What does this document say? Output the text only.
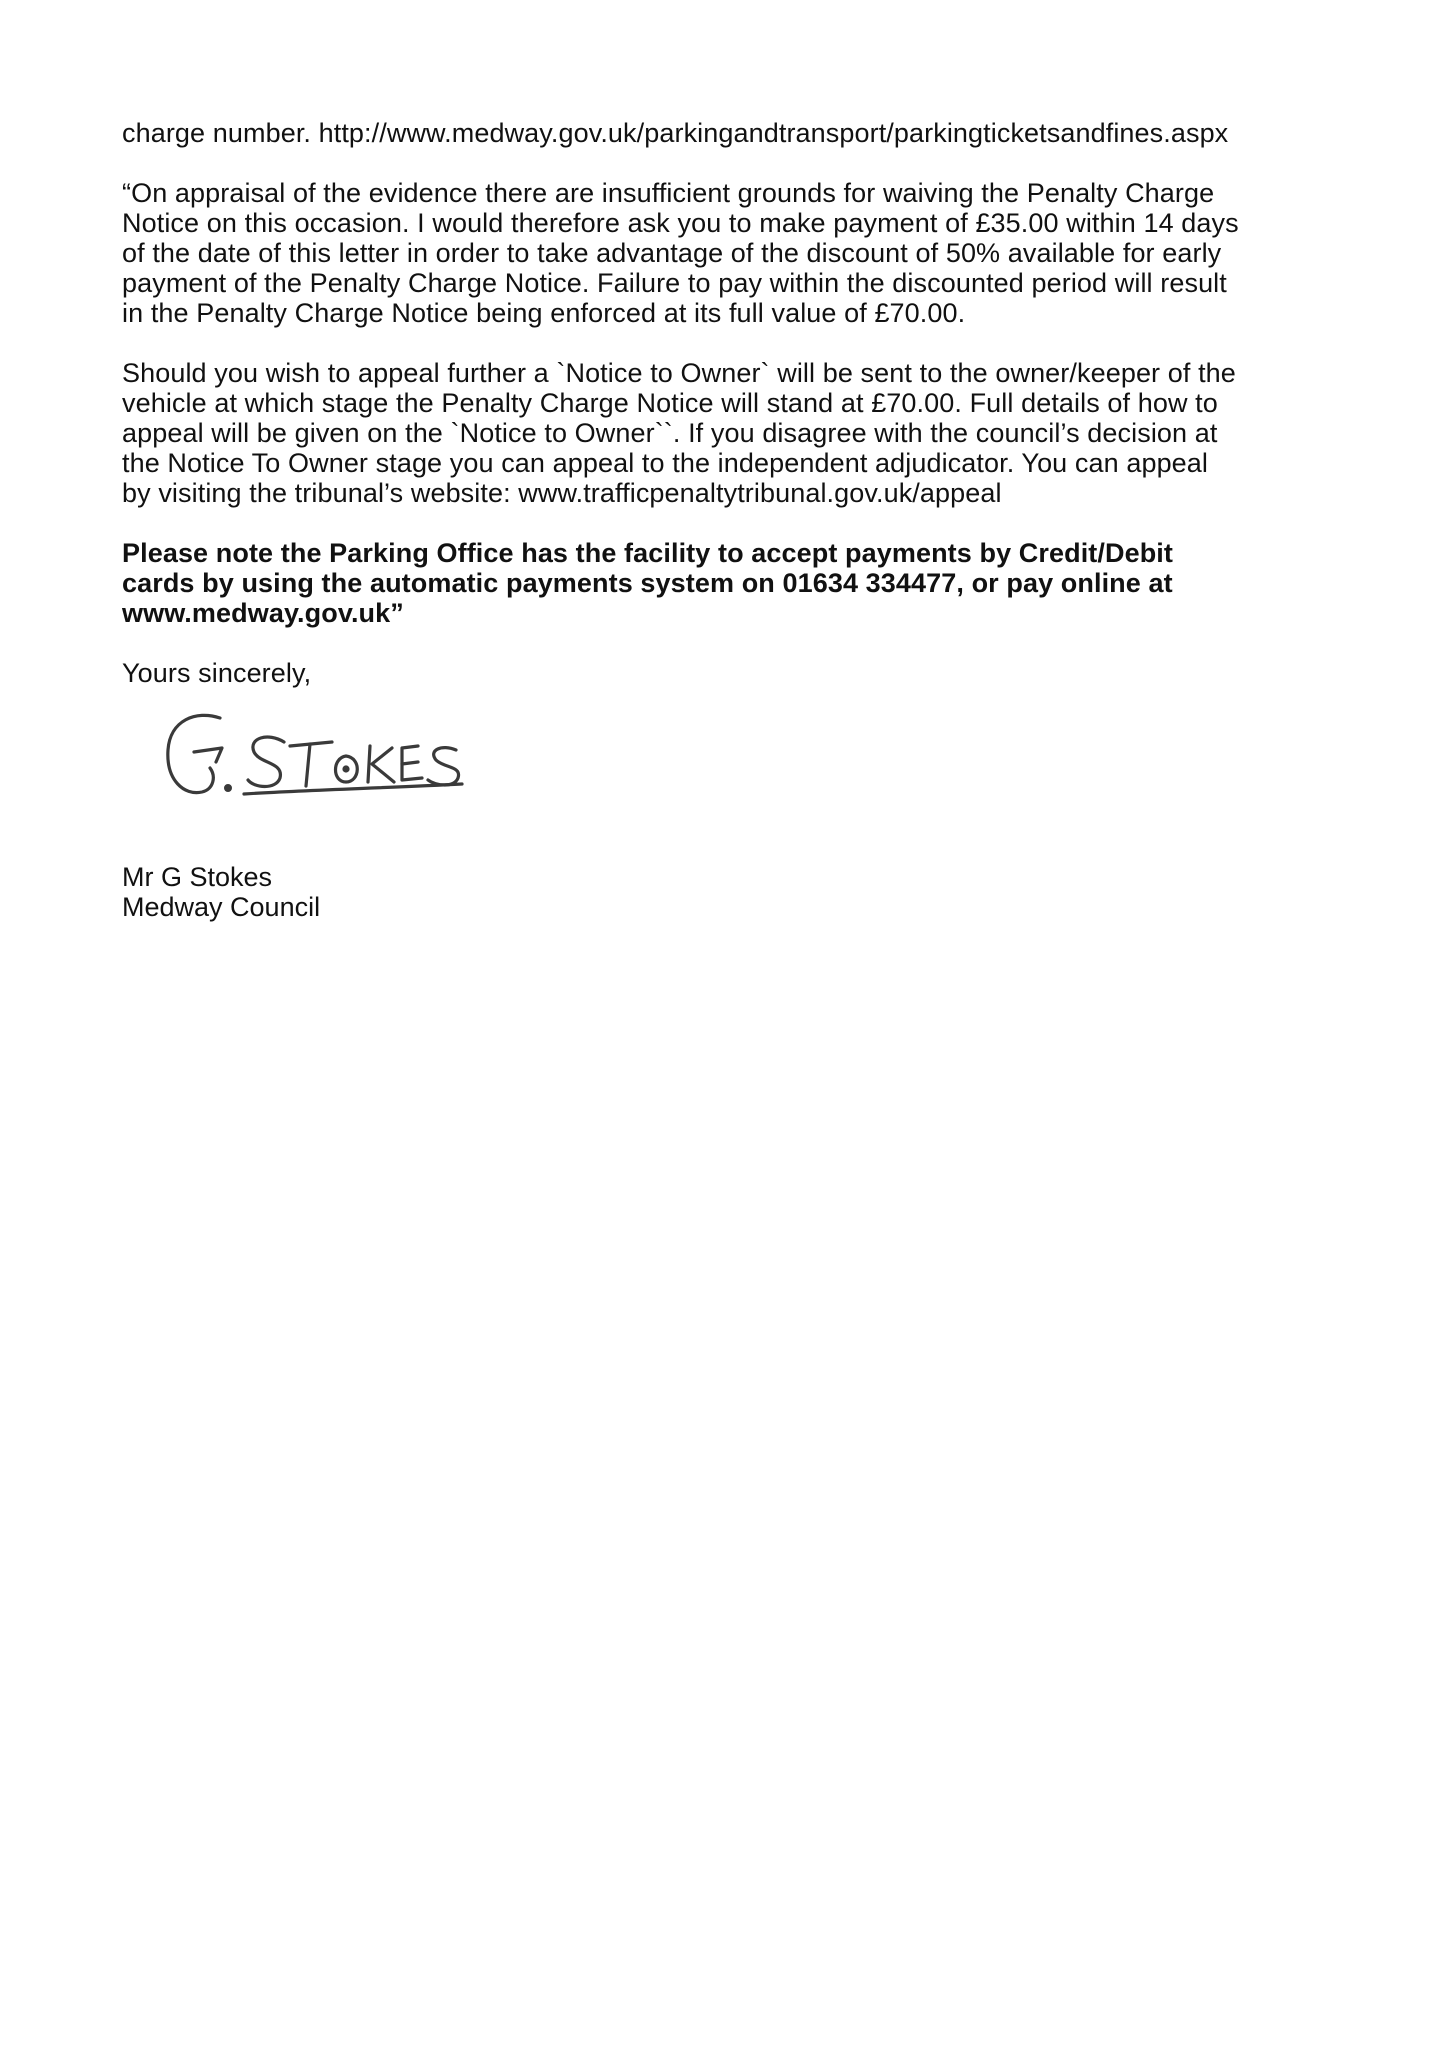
charge number. http://www.medway.gov.uk/parkingandtransport/parkingticketsandfines.aspx

“On appraisal of the evidence there are insufficient grounds for waiving the Penalty Charge
Notice on this occasion. I would therefore ask you to make payment of £35.00 within 14 days
of the date of this letter in order to take advantage of the discount of 50% available for early
payment of the Penalty Charge Notice. Failure to pay within the discounted period will result
in the Penalty Charge Notice being enforced at its full value of £70.00.

Should you wish to appeal further a `Notice to Owner` will be sent to the owner/keeper of the
vehicle at which stage the Penalty Charge Notice will stand at £70.00. Full details of how to
appeal will be given on the `Notice to Owner``. If you disagree with the council’s decision at
the Notice To Owner stage you can appeal to the independent adjudicator. You can appeal
by visiting the tribunal’s website: www.trafficpenaltytribunal.gov.uk/appeal

Please note the Parking Office has the facility to accept payments by Credit/Debit
cards by using the automatic payments system on 01634 334477, or pay online at
www.medway.gov.uk”

Yours sincerely,

Mr G Stokes

Medway Council
